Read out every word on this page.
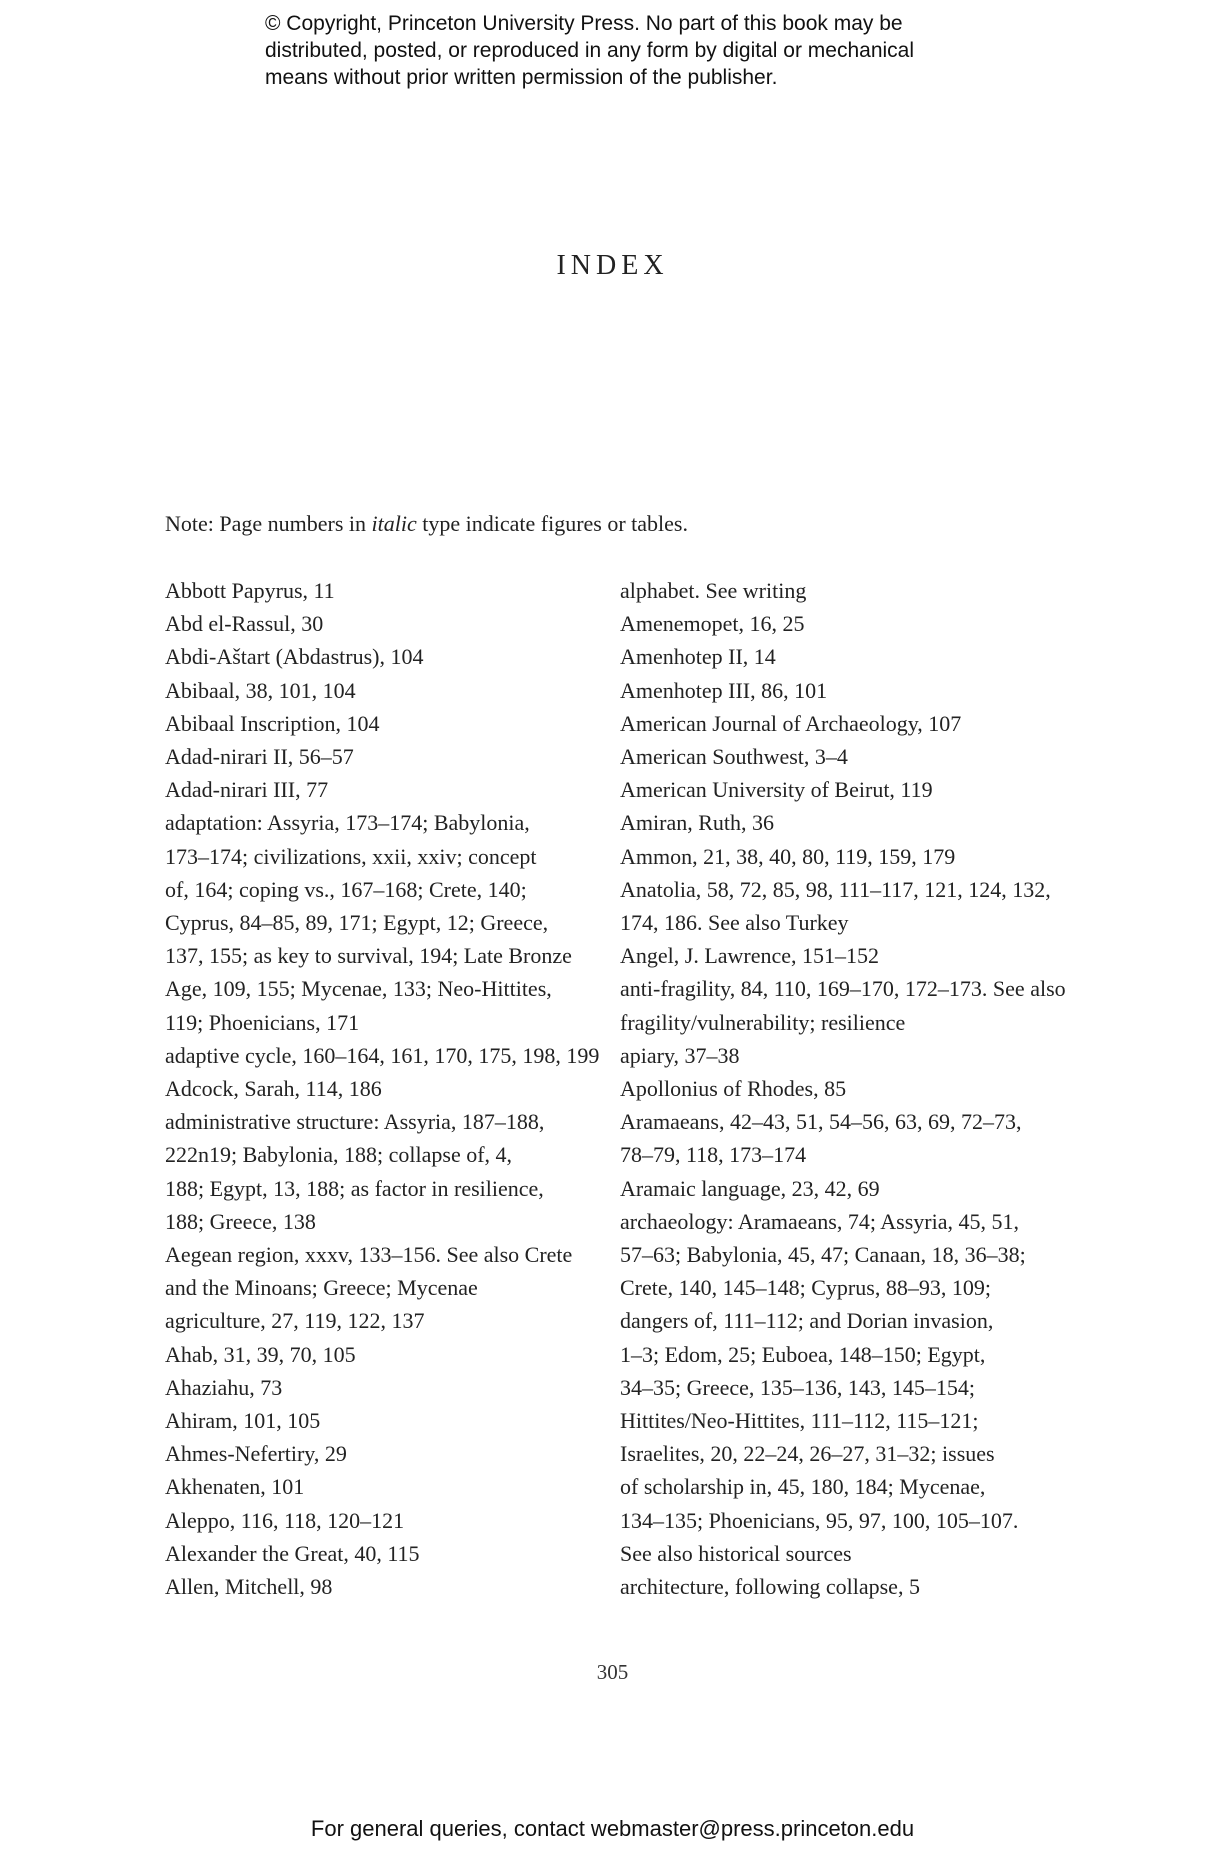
© Copyright, Princeton University Press. No part of this book may be
distributed, posted, or reproduced in any form by digital or mechanical
means without prior written permission of the publisher.
INDEX
Note: Page numbers in italic type indicate figures or tables.
Abbott Papyrus, 11
Abd el-Rassul, 30
Abdi-Aštart (Abdastrus), 104
Abibaal, 38, 101, 104
Abibaal Inscription, 104
Adad-nirari II, 56–57
Adad-nirari III, 77
adaptation: Assyria, 173–174; Babylonia,
173–174; civilizations, xxii, xxiv; concept
of, 164; coping vs., 167–168; Crete, 140;
Cyprus, 84–85, 89, 171; Egypt, 12; Greece,
137, 155; as key to survival, 194; Late Bronze
Age, 109, 155; Mycenae, 133; Neo-Hittites,
119; Phoenicians, 171
adaptive cycle, 160–164, 161, 170, 175, 198, 199
Adcock, Sarah, 114, 186
administrative structure: Assyria, 187–188,
222n19; Babylonia, 188; collapse of, 4,
188; Egypt, 13, 188; as factor in resilience,
188; Greece, 138
Aegean region, xxxv, 133–156. See also Crete
and the Minoans; Greece; Mycenae
agriculture, 27, 119, 122, 137
Ahab, 31, 39, 70, 105
Ahaziahu, 73
Ahiram, 101, 105
Ahmes-Nefertiry, 29
Akhenaten, 101
Aleppo, 116, 118, 120–121
Alexander the Great, 40, 115
Allen, Mitchell, 98
alphabet. See writing
Amenemopet, 16, 25
Amenhotep II, 14
Amenhotep III, 86, 101
American Journal of Archaeology, 107
American Southwest, 3–4
American University of Beirut, 119
Amiran, Ruth, 36
Ammon, 21, 38, 40, 80, 119, 159, 179
Anatolia, 58, 72, 85, 98, 111–117, 121, 124, 132,
174, 186. See also Turkey
Angel, J. Lawrence, 151–152
anti-fragility, 84, 110, 169–170, 172–173. See also
fragility/vulnerability; resilience
apiary, 37–38
Apollonius of Rhodes, 85
Aramaeans, 42–43, 51, 54–56, 63, 69, 72–73,
78–79, 118, 173–174
Aramaic language, 23, 42, 69
archaeology: Aramaeans, 74; Assyria, 45, 51,
57–63; Babylonia, 45, 47; Canaan, 18, 36–38;
Crete, 140, 145–148; Cyprus, 88–93, 109;
dangers of, 111–112; and Dorian invasion,
1–3; Edom, 25; Euboea, 148–150; Egypt,
34–35; Greece, 135–136, 143, 145–154;
Hittites/Neo-Hittites, 111–112, 115–121;
Israelites, 20, 22–24, 26–27, 31–32; issues
of scholarship in, 45, 180, 184; Mycenae,
134–135; Phoenicians, 95, 97, 100, 105–107.
See also historical sources
architecture, following collapse, 5
305
For general queries, contact webmaster@press.princeton.edu
